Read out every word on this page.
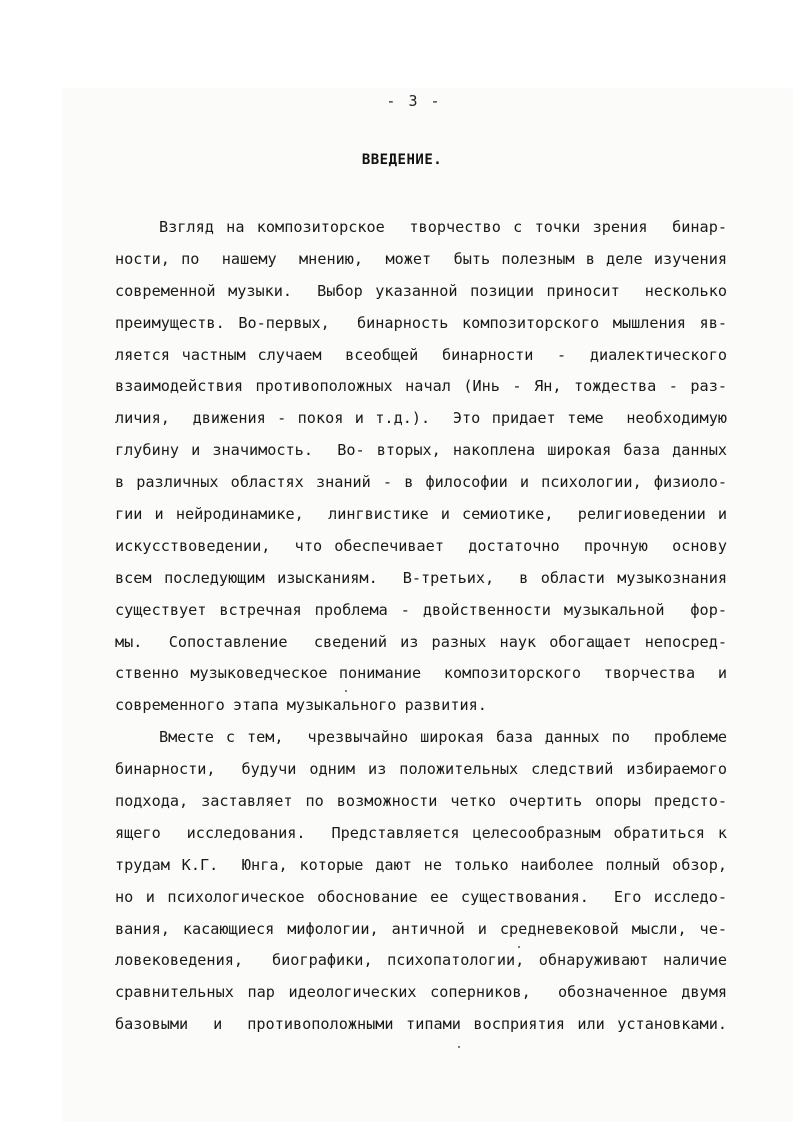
- 3 -
ВВЕДЕНИЕ.
Взгляд на композиторское  творчество с точки зрения  бинар-
ности, по  нашему  мнению,  может  быть полезным в деле изучения
современной музыки.  Выбор указанной позиции приносит  несколько
преимуществ. Во-первых,  бинарность композиторского мышления яв-
ляется частным случаем  всеобщей  бинарности  -  диалектического
взаимодействия противоположных начал (Инь - Ян, тождества - раз-
личия,  движения - покоя и т.д.).  Это придает теме  необходимую
глубину и значимость.  Во- вторых, накоплена широкая база данных
в различных областях знаний - в философии и психологии, физиоло-
гии и нейродинамике,  лингвистике и семиотике,  религиоведении и
искусствоведении,  что обеспечивает  достаточно  прочную  основу
всем последующим изысканиям.  В-третьих,  в области музыкознания
существует встречная проблема - двойственности музыкальной  фор-
мы.  Сопоставление  сведений из разных наук обогащает непосред-
ственно музыковедческое понимание  композиторского  творчества  и
современного этапа музыкального развития.
Вместе с тем,  чрезвычайно широкая база данных по  проблеме
бинарности,  будучи одним из положительных следствий избираемого
подхода, заставляет по возможности четко очертить опоры предсто-
ящего  исследования.  Представляется целесообразным обратиться к
трудам К.Г.  Юнга, которые дают не только наиболее полный обзор,
но и психологическое обоснование ее существования.  Его исследо-
вания, касающиеся мифологии, античной и средневековой мысли, че-
ловековедения,  биографики, психопатологии, обнаруживают наличие
сравнительных пар идеологических соперников,  обозначенное двумя
базовыми  и  противоположными типами восприятия или установками.
